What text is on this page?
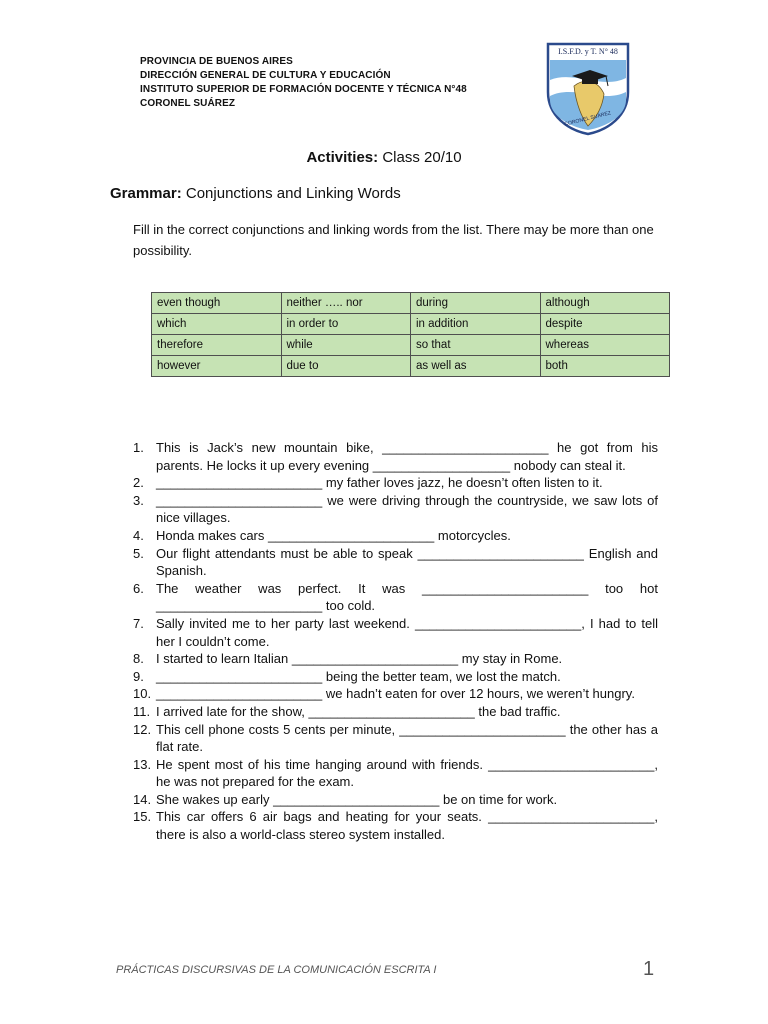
PROVINCIA DE BUENOS AIRES
DIRECCIÓN GENERAL DE CULTURA Y EDUCACIÓN
INSTITUTO SUPERIOR DE FORMACIÓN DOCENTE Y TÉCNICA N°48
CORONEL SUÁREZ
I.S.F.D. y T. N° 48
CORONEL SUAREZ
Activities: Class 20/10
Grammar: Conjunctions and Linking Words
Fill in the correct conjunctions and linking words from the list. There may be more than one possibility.
even though	neither ….. nor	during	although
which	in order to	in addition	despite
therefore	while	so that	whereas
however	due to	as well as	both
1. This is Jack’s new mountain bike, _______________________ he got from his parents. He locks it up every evening ___________________ nobody can steal it.
2. _______________________ my father loves jazz, he doesn’t often listen to it.
3. _______________________ we were driving through the countryside, we saw lots of nice villages.
4. Honda makes cars _______________________ motorcycles.
5. Our flight attendants must be able to speak _______________________ English and Spanish.
6. The weather was perfect. It was _______________________ too hot _______________________ too cold.
7. Sally invited me to her party last weekend. _______________________, I had to tell her I couldn’t come.
8. I started to learn Italian _______________________ my stay in Rome.
9. _______________________ being the better team, we lost the match.
10. _______________________ we hadn’t eaten for over 12 hours, we weren’t hungry.
11. I arrived late for the show, _______________________ the bad traffic.
12. This cell phone costs 5 cents per minute, _______________________ the other has a flat rate.
13. He spent most of his time hanging around with friends. _______________________, he was not prepared for the exam.
14. She wakes up early _______________________ be on time for work.
15. This car offers 6 air bags and heating for your seats. _______________________, there is also a world-class stereo system installed.
PRÁCTICAS DISCURSIVAS DE LA COMUNICACIÓN ESCRITA I	1
